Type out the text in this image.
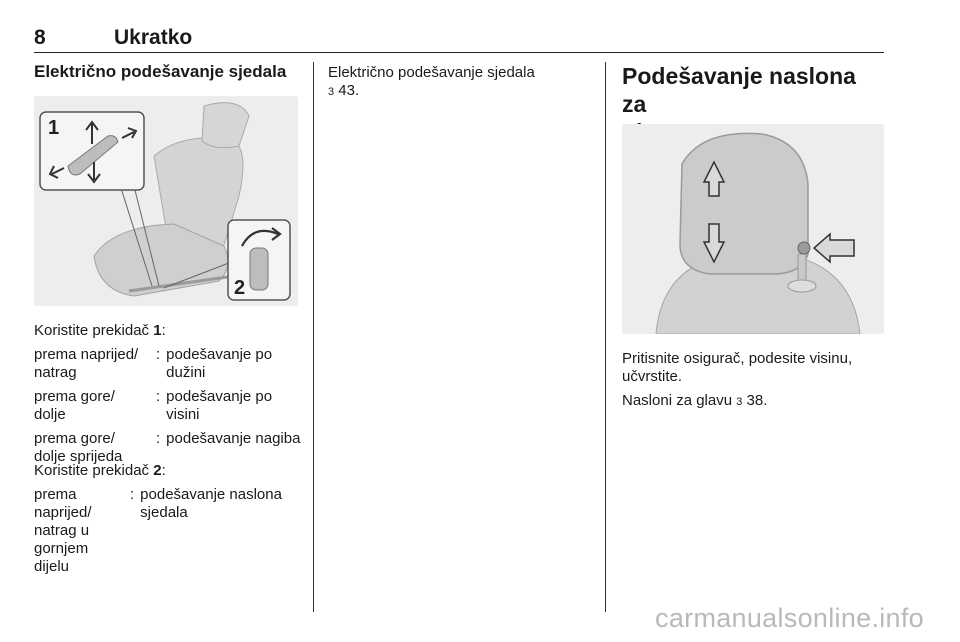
8	Ukratko
Električno podešavanje sjedala
1
2
Koristite prekidač 1:
prema naprijed/ natrag	:	podešavanje po dužini
prema gore/ dolje	:	podešavanje po visini
prema gore/ dolje sprijeda	:	podešavanje nagiba
Koristite prekidač 2:
prema naprijed/ natrag u gornjem dijelu	:	podešavanje naslona sjedala
Električno podešavanje sjedala
3 43.
Podešavanje naslona za

Pritisnite osigurač, podesite visinu, učvrstite.
Nasloni za glavu 3 38.
carmanualsonline.info
